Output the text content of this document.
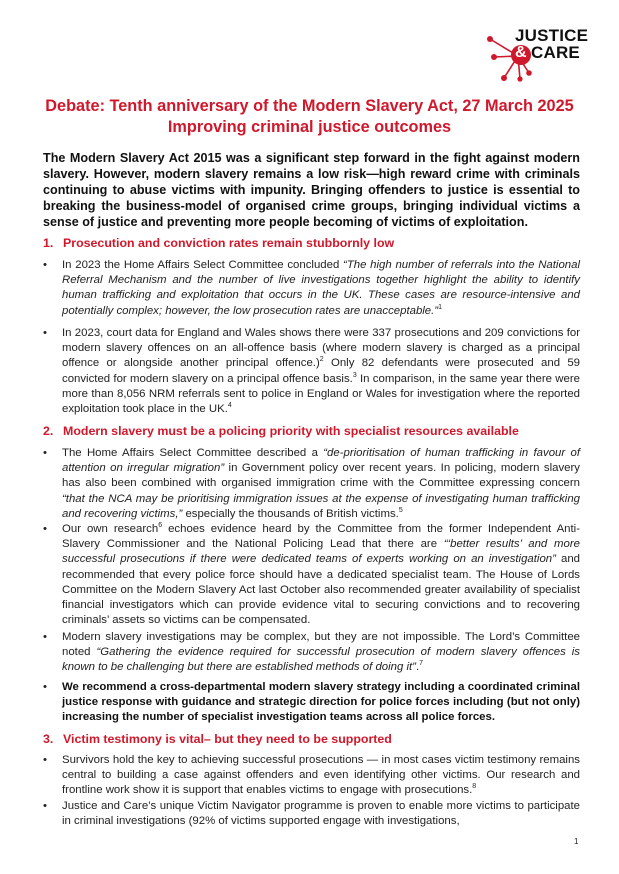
JUSTICE
& CARE
Debate: Tenth anniversary of the Modern Slavery Act, 27 March 2025
Improving criminal justice outcomes
The Modern Slavery Act 2015 was a significant step forward in the fight against modern slavery. However, modern slavery remains a low risk—high reward crime with criminals continuing to abuse victims with impunity. Bringing offenders to justice is essential to breaking the business-model of organised crime groups, bringing individual victims a sense of justice and preventing more people becoming of victims of exploitation.
1. Prosecution and conviction rates remain stubbornly low
•	In 2023 the Home Affairs Select Committee concluded “The high number of referrals into the National Referral Mechanism and the number of live investigations together highlight the ability to identify human trafficking and exploitation that occurs in the UK. These cases are resource-intensive and potentially complex; however, the low prosecution rates are unacceptable.”$^1$
•	In 2023, court data for England and Wales shows there were 337 prosecutions and 209 convictions for modern slavery offences on an all-offence basis (where modern slavery is charged as a principal offence or alongside another principal offence.)$^2$ Only 82 defendants were prosecuted and 59 convicted for modern slavery on a principal offence basis.$^3$ In comparison, in the same year there were more than 8,056 NRM referrals sent to police in England or Wales for investigation where the reported exploitation took place in the UK.$^4$
2. Modern slavery must be a policing priority with specialist resources available
•	The Home Affairs Select Committee described a “de-prioritisation of human trafficking in favour of attention on irregular migration” in Government policy over recent years. In policing, modern slavery has also been combined with organised immigration crime with the Committee expressing concern “that the NCA may be prioritising immigration issues at the expense of investigating human trafficking and recovering victims,” especially the thousands of British victims.$^5$
•	Our own research$^6$ echoes evidence heard by the Committee from the former Independent Anti-Slavery Commissioner and the National Policing Lead that there are “‘better results’ and more successful prosecutions if there were dedicated teams of experts working on an investigation” and recommended that every police force should have a dedicated specialist team. The House of Lords Committee on the Modern Slavery Act last October also recommended greater availability of specialist financial investigators which can provide evidence vital to securing convictions and to recovering criminals’ assets so victims can be compensated.
•	Modern slavery investigations may be complex, but they are not impossible. The Lord’s Committee noted “Gathering the evidence required for successful prosecution of modern slavery offences is known to be challenging but there are established methods of doing it”.$^7$
•	We recommend a cross-departmental modern slavery strategy including a coordinated criminal justice response with guidance and strategic direction for police forces including (but not only) increasing the number of specialist investigation teams across all police forces.
3. Victim testimony is vital– but they need to be supported
•	Survivors hold the key to achieving successful prosecutions — in most cases victim testimony remains central to building a case against offenders and even identifying other victims. Our research and frontline work show it is support that enables victims to engage with prosecutions.$^8$
•	Justice and Care’s unique Victim Navigator programme is proven to enable more victims to participate in criminal investigations (92% of victims supported engage with investigations,
1
